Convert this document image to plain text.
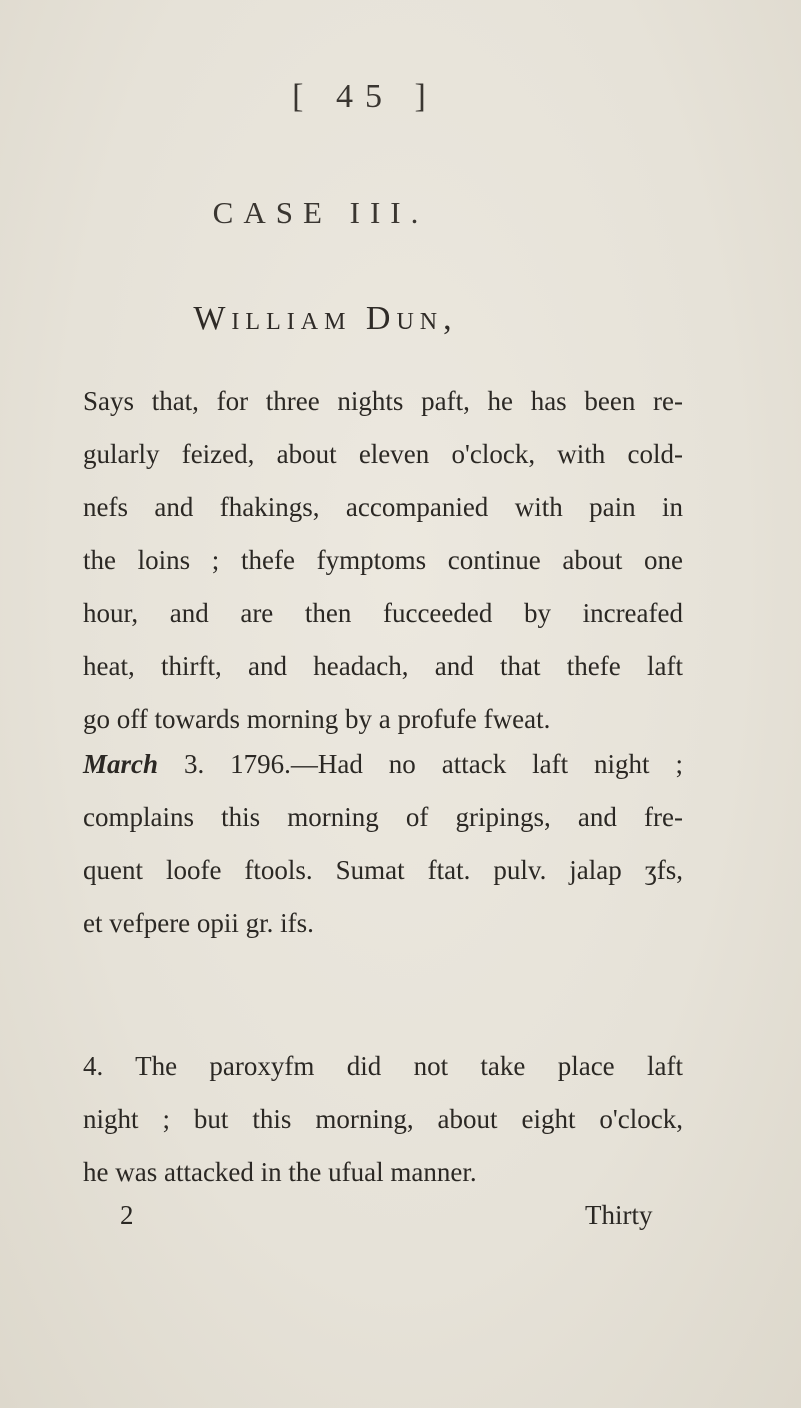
[ 45 ]
CASE III.
William Dun,
Says that, for three nights paft, he has been re-
gularly feized, about eleven o'clock, with cold-
nefs and fhakings, accompanied with pain in
the loins ; thefe fymptoms continue about one
hour, and are then fucceeded by increafed
heat, thirft, and headach, and that thefe laft
go off towards morning by a profufe fweat.
March 3. 1796.—Had no attack laft night ;
complains this morning of gripings, and fre-
quent loofe ftools. Sumat ftat. pulv. jalap ʒfs,
et vefpere opii gr. ifs.
4. The paroxyfm did not take place laft
night ; but this morning, about eight o'clock,
he was attacked in the ufual manner.
2	Thirty
